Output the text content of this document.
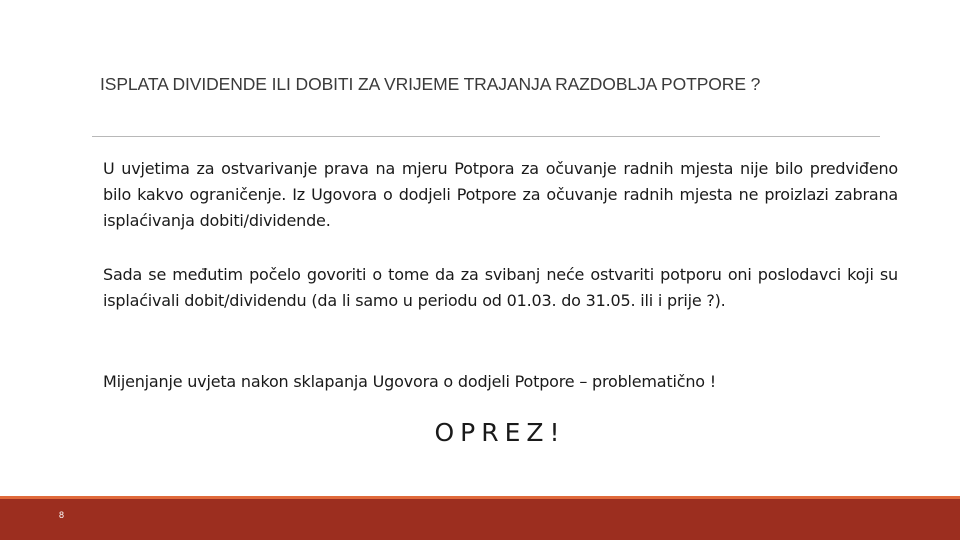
ISPLATA DIVIDENDE ILI DOBITI ZA VRIJEME TRAJANJA RAZDOBLJA POTPORE ?
U uvjetima za ostvarivanje prava na mjeru Potpora za očuvanje radnih mjesta nije bilo predviđeno bilo kakvo ograničenje. Iz Ugovora o dodjeli Potpore za očuvanje radnih mjesta ne proizlazi zabrana isplaćivanja dobiti/dividende.
Sada se međutim počelo govoriti o tome da za svibanj neće ostvariti potporu oni poslodavci koji su isplaćivali dobit/dividendu (da li samo u periodu od 01.03. do 31.05. ili i prije ?).
Mijenjanje uvjeta nakon sklapanja Ugovora o dodjeli Potpore – problematično !
OPREZ!
8
